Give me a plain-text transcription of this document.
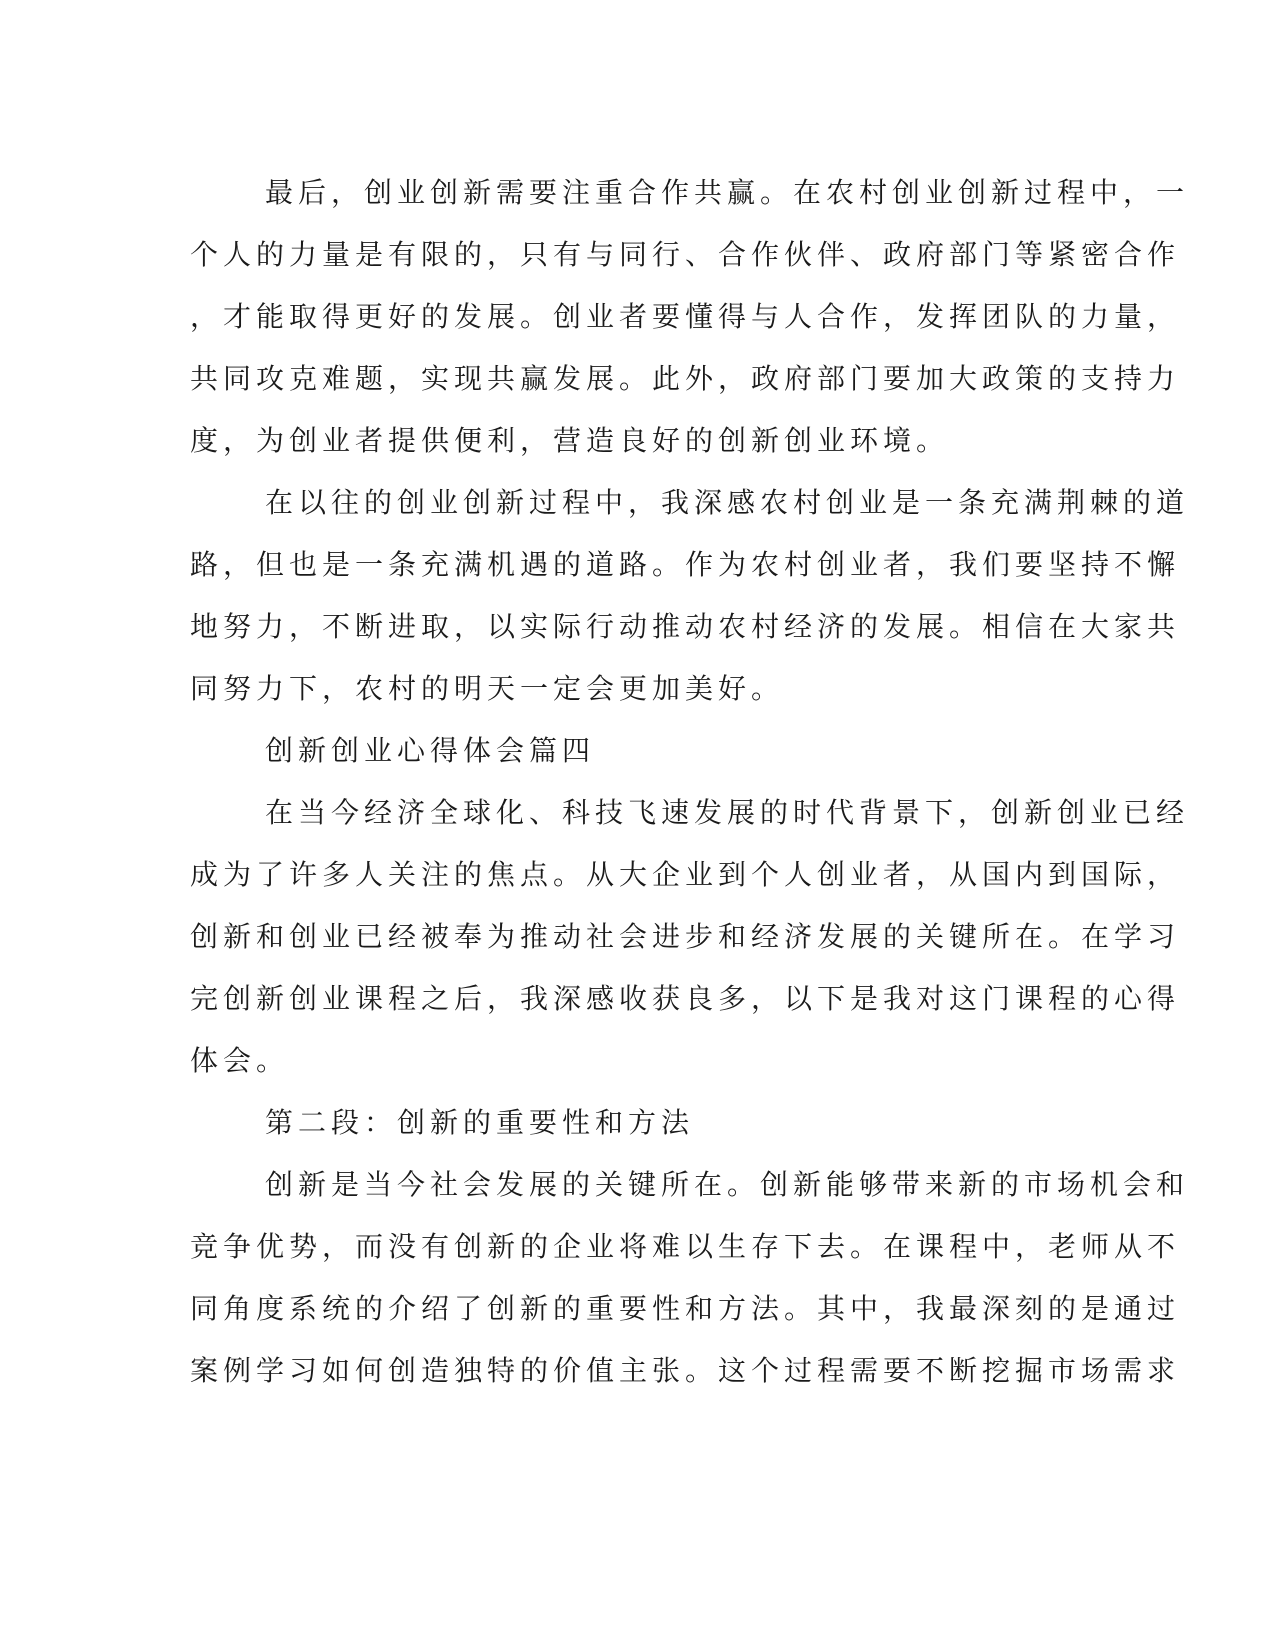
最后，创业创新需要注重合作共赢。在农村创业创新过程中，一
个人的力量是有限的，只有与同行、合作伙伴、政府部门等紧密合作
，才能取得更好的发展。创业者要懂得与人合作，发挥团队的力量，
共同攻克难题，实现共赢发展。此外，政府部门要加大政策的支持力
度，为创业者提供便利，营造良好的创新创业环境。
在以往的创业创新过程中，我深感农村创业是一条充满荆棘的道
路，但也是一条充满机遇的道路。作为农村创业者，我们要坚持不懈
地努力，不断进取，以实际行动推动农村经济的发展。相信在大家共
同努力下，农村的明天一定会更加美好。
创新创业心得体会篇四
在当今经济全球化、科技飞速发展的时代背景下，创新创业已经
成为了许多人关注的焦点。从大企业到个人创业者，从国内到国际，
创新和创业已经被奉为推动社会进步和经济发展的关键所在。在学习
完创新创业课程之后，我深感收获良多，以下是我对这门课程的心得
体会。
第二段：创新的重要性和方法
创新是当今社会发展的关键所在。创新能够带来新的市场机会和
竞争优势，而没有创新的企业将难以生存下去。在课程中，老师从不
同角度系统的介绍了创新的重要性和方法。其中，我最深刻的是通过
案例学习如何创造独特的价值主张。这个过程需要不断挖掘市场需求
